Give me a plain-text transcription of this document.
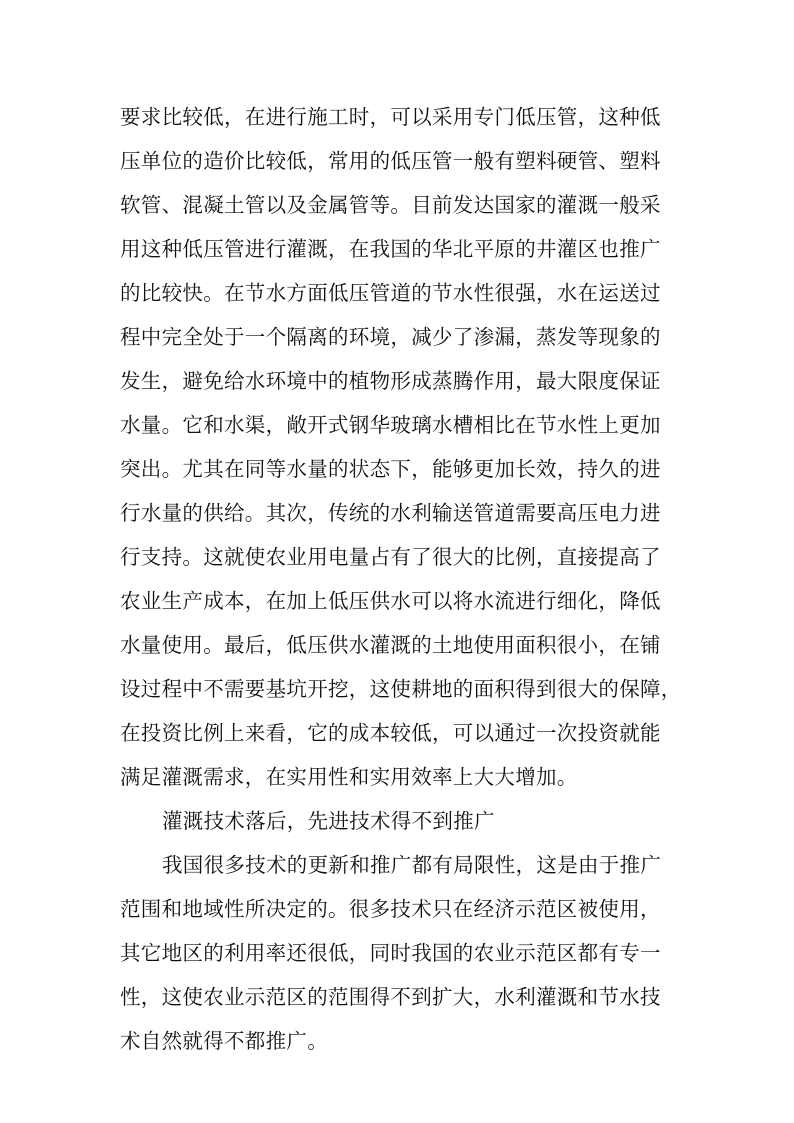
要求比较低，在进行施工时，可以采用专门低压管，这种低
压单位的造价比较低，常用的低压管一般有塑料硬管、塑料
软管、混凝土管以及金属管等。目前发达国家的灌溉一般采
用这种低压管进行灌溉，在我国的华北平原的井灌区也推广
的比较快。在节水方面低压管道的节水性很强，水在运送过
程中完全处于一个隔离的环境，减少了渗漏，蒸发等现象的
发生，避免给水环境中的植物形成蒸腾作用，最大限度保证
水量。它和水渠，敞开式钢华玻璃水槽相比在节水性上更加
突出。尤其在同等水量的状态下，能够更加长效，持久的进
行水量的供给。其次，传统的水利输送管道需要高压电力进
行支持。这就使农业用电量占有了很大的比例，直接提高了
农业生产成本，在加上低压供水可以将水流进行细化，降低
水量使用。最后，低压供水灌溉的土地使用面积很小，在铺
设过程中不需要基坑开挖，这使耕地的面积得到很大的保障，
在投资比例上来看，它的成本较低，可以通过一次投资就能
满足灌溉需求，在实用性和实用效率上大大增加。
灌溉技术落后，先进技术得不到推广
我国很多技术的更新和推广都有局限性，这是由于推广
范围和地域性所决定的。很多技术只在经济示范区被使用，
其它地区的利用率还很低，同时我国的农业示范区都有专一
性，这使农业示范区的范围得不到扩大，水利灌溉和节水技
术自然就得不都推广。
